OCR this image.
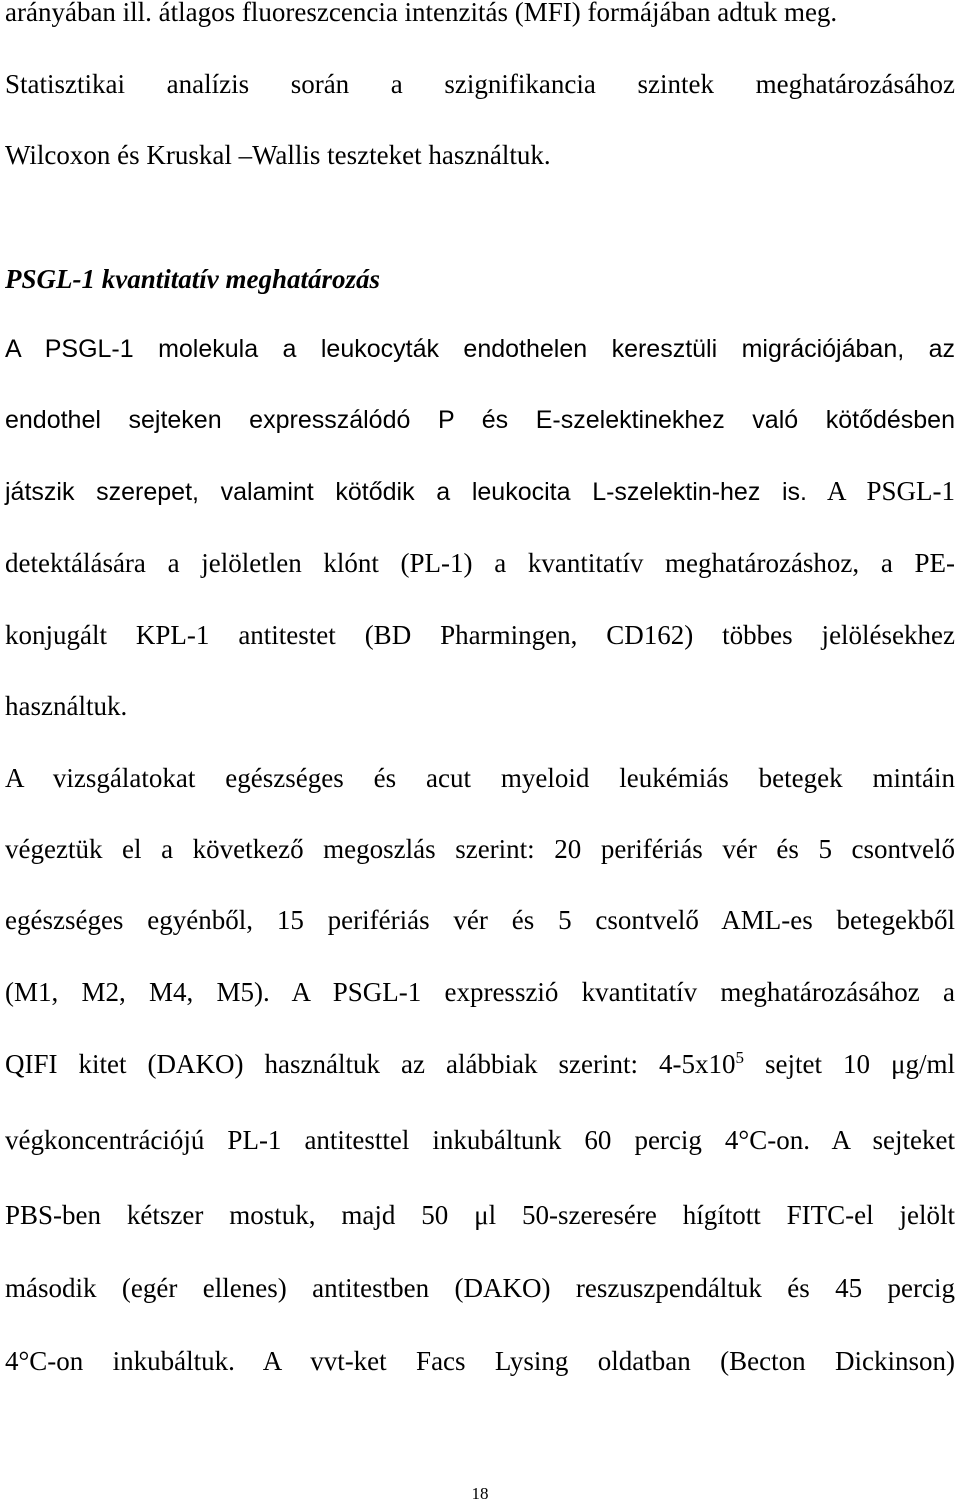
arányában ill. átlagos fluoreszcencia intenzitás (MFI) formájában adtuk meg.
Statisztikai analízis során a szignifikancia szintek meghatározásához
Wilcoxon és Kruskal –Wallis teszteket használtuk.
PSGL-1 kvantitatív meghatározás
A PSGL-1 molekula a leukocyták endothelen keresztüli migrációjában, az
endothel sejteken expresszálódó P és E-szelektinekhez való kötődésben
játszik szerepet, valamint kötődik a leukocita L-szelektin-hez is. A PSGL-1
detektálására a jelöletlen klónt (PL-1) a kvantitatív meghatározáshoz, a PE-
konjugált KPL-1 antitestet (BD Pharmingen, CD162) többes jelölésekhez
használtuk.
A vizsgálatokat egészséges és acut myeloid leukémiás betegek mintáin
végeztük el a következő megoszlás szerint: 20 perifériás vér és 5 csontvelő
egészséges egyénből, 15 perifériás vér és 5 csontvelő AML-es betegekből
(M1, M2, M4, M5). A PSGL-1 expresszió kvantitatív meghatározásához a
QIFI kitet (DAKO) használtuk az alábbiak szerint: $4-5x10^5$ sejtet 10 μg/ml
végkoncentrációjú PL-1 antitesttel inkubáltunk 60 percig 4°C-on. A sejteket
PBS-ben kétszer mostuk, majd 50 μl 50-szeresére hígított FITC-el jelölt
második (egér ellenes) antitestben (DAKO) reszuszpendáltuk és 45 percig
4°C-on inkubáltuk. A vvt-ket Facs Lysing oldatban (Becton Dickinson)
18
